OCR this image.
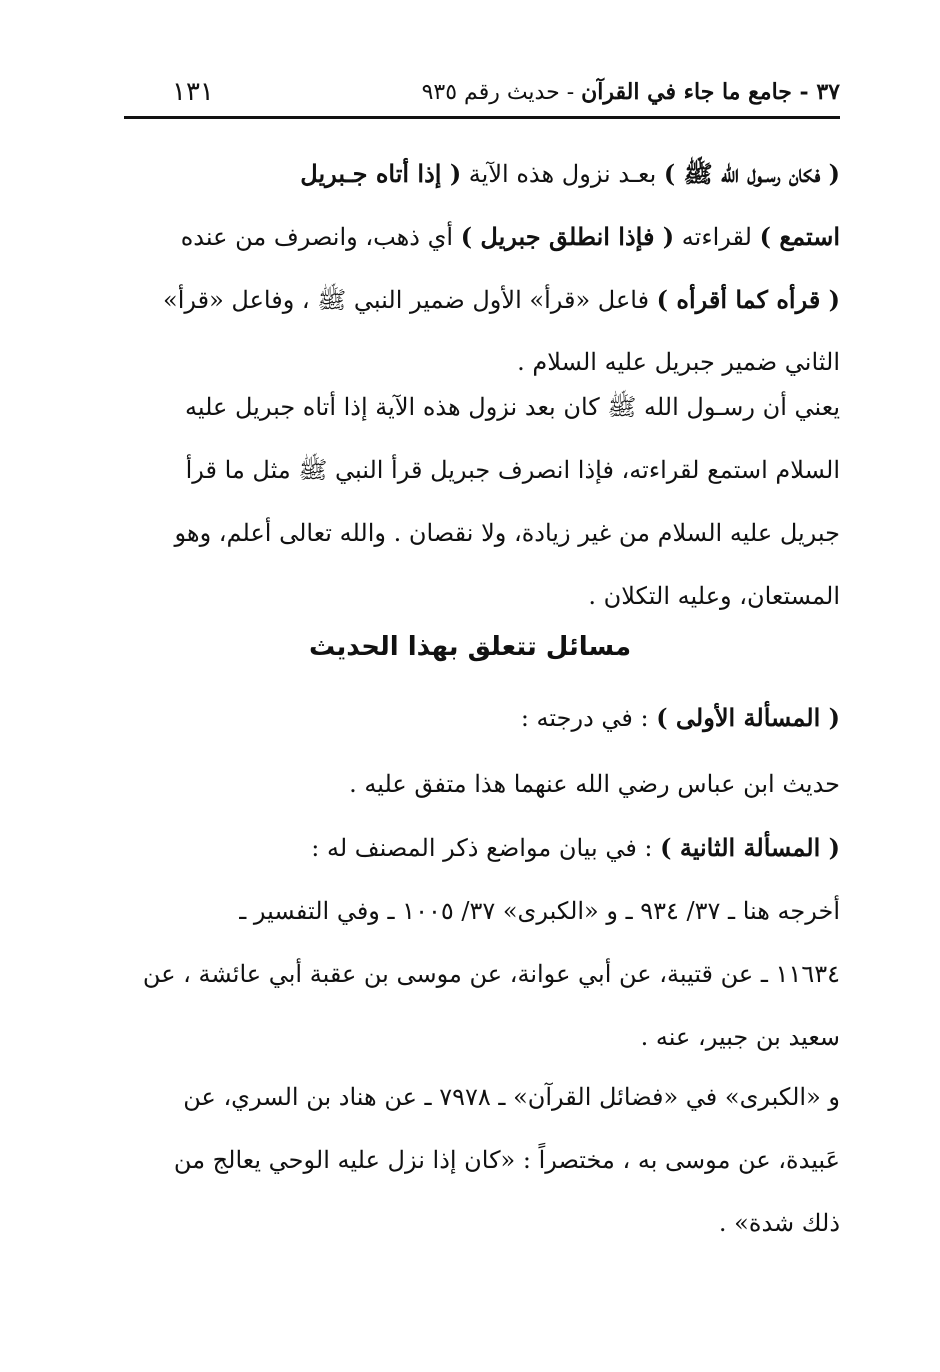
٣٧ - جامع ما جاء في القرآن - حديث رقم ٩٣٥
١٣١
( فكان رسـول الله ﷺ ) بعـد نزول هذه الآية ( إذا أتاه جـبريل
استمع ) لقراءته ( فإذا انطلق جبريل ) أي ذهب، وانصرف من عنده
( قرأه كما أقرأه ) فاعل «قرأ» الأول ضمير النبي ﷺ ، وفاعل «قرأ»
الثاني ضمير جبريل عليه السلام .
يعني أن رسـول الله ﷺ كان بعد نزول هذه الآية إذا أتاه جبريل عليه
السلام استمع لقراءته، فإذا انصرف جبريل قرأ النبي ﷺ مثل ما قرأ
جبريل عليه السلام من غير زيادة، ولا نقصان . والله تعالى أعلم، وهو
المستعان، وعليه التكلان .
مسائل تتعلق بهذا الحديث
( المسألة الأولى ) : في درجته :
حديث ابن عباس رضي الله عنهما هذا متفق عليه .
( المسألة الثانية ) : في بيان مواضع ذكر المصنف له :
أخرجه هنا ـ ٣٧/ ٩٣٤ ـ و «الكبرى» ٣٧/ ١٠٠٥ ـ وفي التفسير ـ
١١٦٣٤ ـ عن قتيبة، عن أبي عوانة، عن موسى بن عقبة أبي عائشة ، عن
سعيد بن جبير، عنه .
و «الكبرى» في «فضائل القرآن» ـ ٧٩٧٨ ـ عن هناد بن السري، عن
عَبيدة، عن موسى به ، مختصراً : «كان إذا نزل عليه الوحي يعالج من
ذلك شدة» .
